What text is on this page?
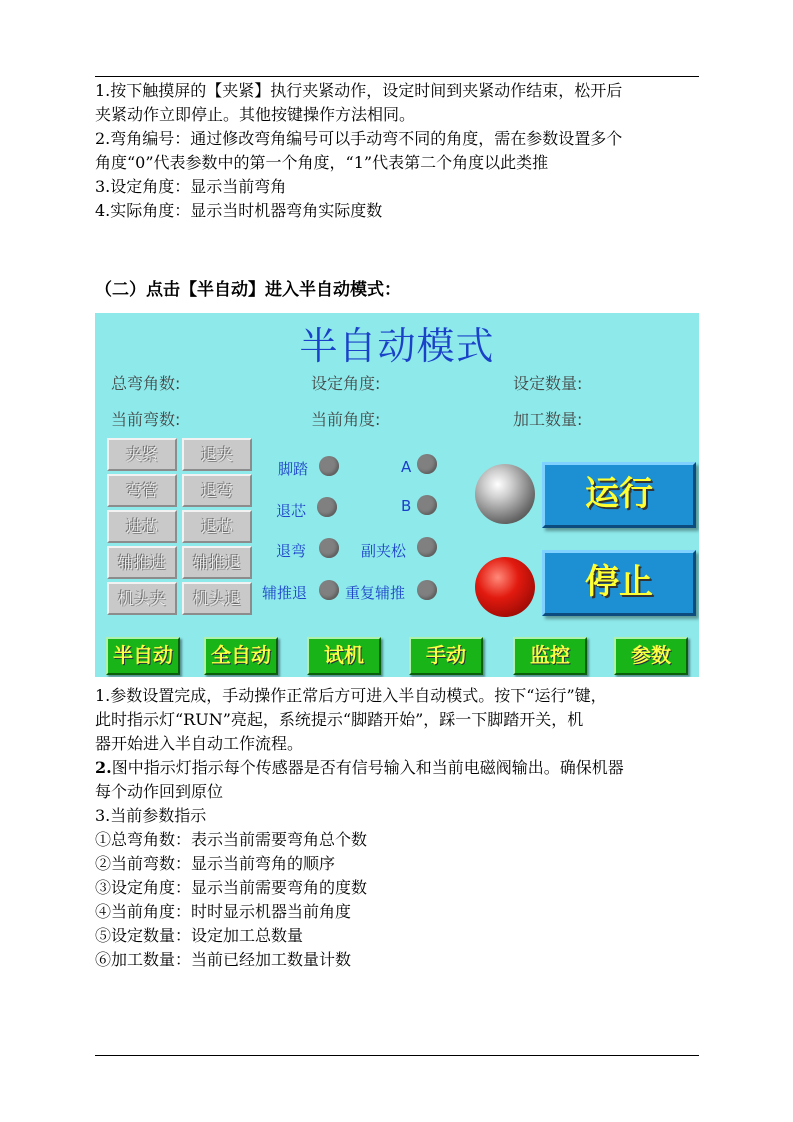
1.按下触摸屏的【夹紧】执行夹紧动作，设定时间到夹紧动作结束，松开后
夹紧动作立即停止。其他按键操作方法相同。
2.弯角编号：通过修改弯角编号可以手动弯不同的角度，需在参数设置多个
角度“0”代表参数中的第一个角度，“1”代表第二个角度以此类推
3.设定角度：显示当前弯角
4.实际角度：显示当时机器弯角实际度数
（二）点击【半自动】进入半自动模式：
半自动模式
总弯角数:	设定角度:	设定数量:
当前弯数:	当前角度:	加工数量:
夹紧	退夹
弯管	退弯
进芯	退芯
辅推进	辅推退
机头夹	机头退
脚踏	A
退芯	B
退弯	副夹松
辅推退	重复辅推
运行
停止
半自动	全自动	试机	手动	监控	参数
1.参数设置完成，手动操作正常后方可进入半自动模式。按下“运行”键，
此时指示灯“RUN”亮起，系统提示“脚踏开始”，踩一下脚踏开关，机
器开始进入半自动工作流程。
2.图中指示灯指示每个传感器是否有信号输入和当前电磁阀输出。确保机器
每个动作回到原位
3.当前参数指示
①总弯角数：表示当前需要弯角总个数
②当前弯数：显示当前弯角的顺序
③设定角度：显示当前需要弯角的度数
④当前角度：时时显示机器当前角度
⑤设定数量：设定加工总数量
⑥加工数量：当前已经加工数量计数
